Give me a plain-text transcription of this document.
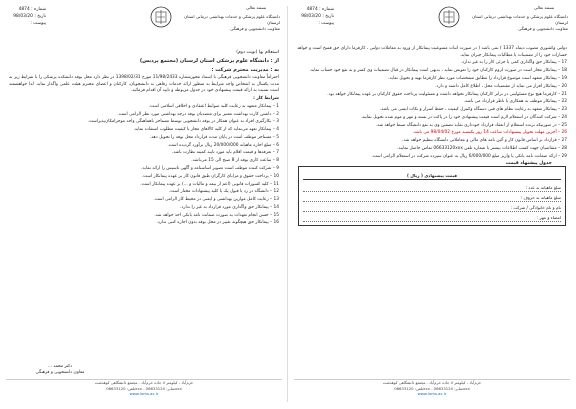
شماره : 4874
تاریخ : 98/03/20
پیوست :
دانشگاه علوم پزشکی و خدمات بهداشتی درمانی استان لرستان
معاونت دانشجویی و فرهنگی
بسمه تعالی
استعلام بها (نوبت دوم)
از : دانشگاه علوم پزشکی استان لرستان (مجتمع پردیس)
به : مدیریت محترم شرکت :

احتراماً معاونت دانشجویی فرهنگی با استناد مجوزشماره 11/98/2433 مورخ 1398/02/31 در نظر دارد محل بوفه دانشکده پزشکی را با شرایط زیر به مدت یکسال به اشخاص واجد شرایط به منظور ارائه خدمات رفاهی به دانشجویان، کارکنان و اعضای محترم هیئت علمی واگذار نماید. لذا خواهشمند است نسبت به ارائه قیمت پیشنهادی خود در جدول مربوطه و تایید آن اقدام فرمائید.

شرایط کار :

1 – پیمانکار متعهد به رعایت کلیه ضوابط اعتقادی و اخلاقی اسلامی است.

2 – داشتن کارت بهداشت معتبر برای متصدیان بوفه درجه بهداشتی مورد نظر الزامی است.

3 – بکارگیری افراد به عنوان همکار در بوفه دانشجویی توسط مستاجر باهماهنگی واحد موجرامکان‌پذیراست.

4 – پیمانکار تعهد می‌نماید که از کلیه کالاهای مجاز با کیفیت مطلوب استفاده نماید.

5 – مستاجر موظف است در پایان مدت قرارداد محل بوفه را تحویل دهد.

6 – مبلغ اجاره ماهیانه 20/000/000 ریال برآورد گردیده است.

7 – تعرفه‌ها و قیمت اقلام باید مورد تایید کمیته نظارت باشد.

8 – ساعت کاری بوفه از 8 صبح الی 15 می‌باشد.

9 – شرکت کننده موظف است تصویر اساسنامه و آگهی تاسیس را ارائه نماید.

10 – پرداخت حقوق و مزایای کارگران طبق قانون کار بر عهده پیمانکار است.

11 – کلیه کسورات قانونی (اعم از بیمه و مالیات و ...) بر عهده پیمانکار است.

12 – دانشگاه در رد یا قبول یک یا کلیه پیشنهادات مختار است.

13 – رعایت کامل موازین بهداشتی و ایمنی در محیط کار الزامی است.

14 – پیمانکار حق واگذاری مورد قرارداد به غیر را ندارد.

15 – حسن انجام تعهدات به صورت ضمانت نامه بانکی اخذ خواهد شد.

16 – پیمانکار حق هیچگونه تغییر در محل بوفه بدون اجازه کتبی ندارد.

دکتر محمد ...
معاون دانشجویی و فرهنگی
خرم‌آباد - کیلومتر 4 جاده خرم‌آباد - مجتمع دانشگاهی کوهدشت
تلفن: 06633120xxx - نمابر: 06633120xxx
www.lums.ac.ir
شماره : 4874
تاریخ : 98/03/20
پیوست :
دانشگاه علوم پزشکی و خدمات بهداشتی درمانی استان لرستان
معاونت دانشجویی و فرهنگی
بسمه تعالی

دولتی وکشوری مصوب دیماه 1337 ) نمی باشد ( در صورت اثبات ممنوعیت پیمانکار از ورود به معاملات دولتی ، کارفرما دارای حق فسخ است و خواهد خسارات خود را از تضمینات یا مطالبات پیمانکار جبران نماید.

17 – پیمانکار حق واگذاری کمی یا جزئی کار را به غیر ندارد.

18 – پیمانکار مجاز است در صورت لزوم کارکنان خود را تعویض نماید ، بدیهی است پیمانکار در قبال تضمینات وی کسر و به نفع خود حساب نماید.

19 – پیمانکار متعهد است موضوع قرارداد را مطابق مشخصات مورد نظر کارفرما تهیه و تحویل نماید.

20 – پیمانکار اقرار می نماید از مقتضیات محل ، اطلاع کامل داشته و دارد.

21 – کارفرما هیچ نوع مسئولیتی در برابر کارکنان پیمانکار نخواهد داشت و مسئولیت پرداخت حقوق کارکنان بر عهده پیمانکار خواهد بود.

22 – پیمانکار موظف به همکاری با ناظر قرارداد می باشد.

23 – پیمانکار متعهد به رعایت نظام های فنی دستگاه وکنترل کیفیت ، حفظ اسرار و نکات ایمنی می باشد.

24 – شرکت کنندگان در استعلام لازم است قیمت پیشنهادی خود را در پاکت در بسته و مهر و موم شده تحویل نمایند.

25 – در صورتیکه برنده استعلام از انعقاد قرارداد خودداری نماید تضمین وی به نفع دانشگاه ضبط خواهد شد.

26 – آخرین مهلت تحویل پیشنهادات ساعت 14 روز یکشنبه مورخ 98/04/02 می باشد.

27 – قرارداد بر اساس قانون کار و آئین نامه های مالی و معاملاتی دانشگاه تنظیم خواهد شد.

28 – متقاضیان جهت کسب اطلاعات بیشتر با شماره تلفن 06633120xxx تماس حاصل نمایند.

29 – ارائه ضمانت نامه بانکی یا واریز مبلغ 6/000/000 ریال به عنوان سپرده شرکت در استعلام الزامی است.

جدول پیشنهاد قیمت
قیمت پیشنهادی ( ریال )
مبلغ ماهیانه به عدد :
مبلغ ماهیانه به حروف :
نام و نام خانوادگی / شرکت :
امضاء و مهر :
خرم‌آباد - کیلومتر 4 جاده خرم‌آباد - مجتمع دانشگاهی کوهدشت
تلفن: 06633120xxx - نمابر: 06633120xxx
www.lums.ac.ir
